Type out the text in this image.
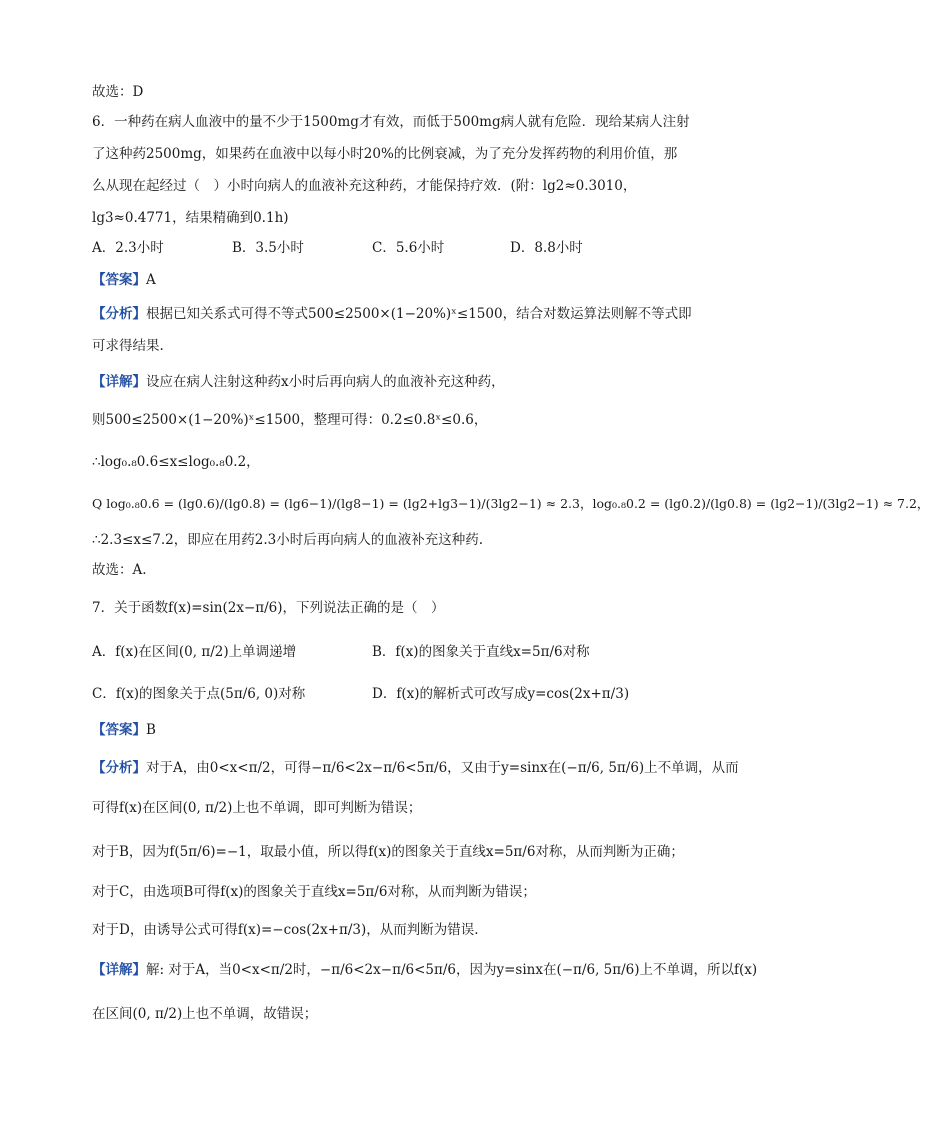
故选：D
6．一种药在病人血液中的量不少于1500mg才有效，而低于500mg病人就有危险．现给某病人注射
了这种药2500mg，如果药在血液中以每小时20%的比例衰减，为了充分发挥药物的利用价值，那
么从现在起经过（　）小时向病人的血液补充这种药，才能保持疗效．(附：lg2≈0.3010，
lg3≈0.4771，结果精确到0.1h)
A．2.3小时	B．3.5小时	C．5.6小时	D．8.8小时
【答案】A
【分析】根据已知关系式可得不等式500≤2500×(1−20%)ˣ≤1500，结合对数运算法则解不等式即
可求得结果.
【详解】设应在病人注射这种药x小时后再向病人的血液补充这种药，
则500≤2500×(1−20%)ˣ≤1500，整理可得：0.2≤0.8ˣ≤0.6，
∴log₀.₈0.6≤x≤log₀.₈0.2，
Q log₀.₈0.6 = (lg0.6)/(lg0.8) = (lg6−1)/(lg8−1) = (lg2+lg3−1)/(3lg2−1) ≈ 2.3，log₀.₈0.2 = (lg0.2)/(lg0.8) = (lg2−1)/(3lg2−1) ≈ 7.2，
∴2.3≤x≤7.2，即应在用药2.3小时后再向病人的血液补充这种药.
故选：A.
7．关于函数f(x)=sin(2x−π/6)，下列说法正确的是（　）
A．f(x)在区间(0, π/2)上单调递增	B．f(x)的图象关于直线x=5π/6对称
C．f(x)的图象关于点(5π/6, 0)对称	D．f(x)的解析式可改写成y=cos(2x+π/3)
【答案】B
【分析】对于A，由0<x<π/2，可得−π/6<2x−π/6<5π/6，又由于y=sinx在(−π/6, 5π/6)上不单调，从而
可得f(x)在区间(0, π/2)上也不单调，即可判断为错误；
对于B，因为f(5π/6)=−1，取最小值，所以得f(x)的图象关于直线x=5π/6对称，从而判断为正确；
对于C，由选项B可得f(x)的图象关于直线x=5π/6对称，从而判断为错误；
对于D，由诱导公式可得f(x)=−cos(2x+π/3)，从而判断为错误.
【详解】解: 对于A，当0<x<π/2时，−π/6<2x−π/6<5π/6，因为y=sinx在(−π/6, 5π/6)上不单调，所以f(x)
在区间(0, π/2)上也不单调，故错误；
